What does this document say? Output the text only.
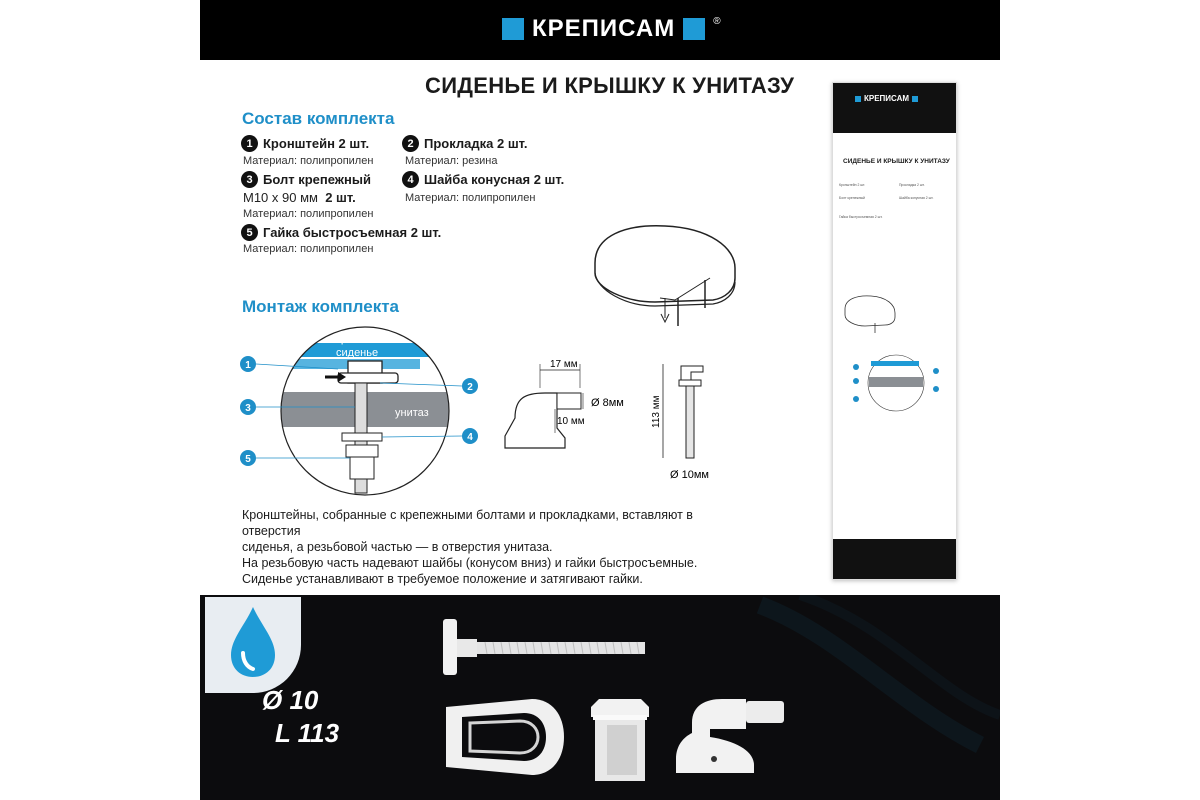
КРЕПИСАМ	®
СИДЕНЬЕ И КРЫШКУ К УНИТАЗУ
Состав комплекта
1 Кронштейн 2 шт.
Материал: полипропилен
2 Прокладка 2 шт.
Материал: резина
3 Болт крепежный
М10 х 90 мм 2 шт.
Материал: полипропилен
4 Шайба конусная 2 шт.
Материал: полипропилен
5 Гайка быстросъемная 2 шт.
Материал: полипропилен
Монтаж комплекта
крышка
сиденье
унитаз
1
3
5
2
4
17 мм
Ø 8мм
10 мм	113 мм
Ø 10мм
Кронштейны, собранные с крепежными болтами и прокладками, вставляют в отверстия
сиденья, а резьбовой частью — в отверстия унитаза.
На резьбовую часть надевают шайбы (конусом вниз) и гайки быстросъемные.
Сиденье устанавливают в требуемое положение и затягивают гайки.
КРЕПИСАМ
СИДЕНЬЕ И КРЫШКУ К УНИТАЗУ
Кронштейн 2 шт.	Прокладка 2 шт.
Болт крепежный	Шайба конусная 2 шт.
Гайка быстросъемная 2 шт.
Ø 10
L 113
